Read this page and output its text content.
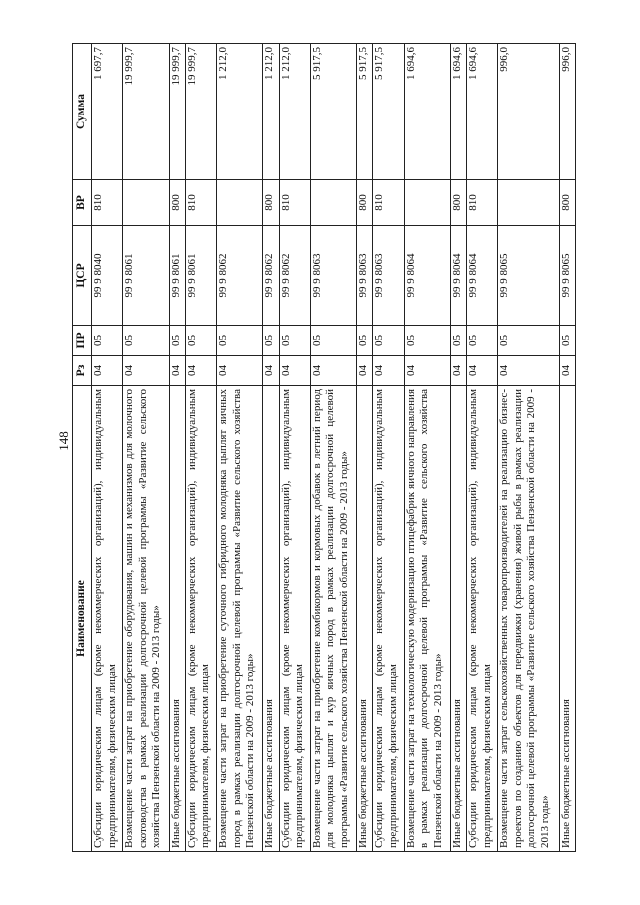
148
Наименование	Рз	ПР	ЦСР	ВР	Сумма
Субсидии юридическим лицам (кроме некоммерческих организаций), индивидуальным предпринимателям, физическим лицам	04	05	99 9 8040	810	1 697,7
Возмещение части затрат на приобретение оборудования, машин и механизмов для молочного скотоводства в рамках реализации долгосрочной целевой программы «Развитие сельского хозяйства Пензенской области на 2009 - 2013 годы»	04	05	99 9 8061		19 999,7
Иные бюджетные ассигнования	04	05	99 9 8061	800	19 999,7
Субсидии юридическим лицам (кроме некоммерческих организаций), индивидуальным предпринимателям, физическим лицам	04	05	99 9 8061	810	19 999,7
Возмещение части затрат на приобретение суточного гибридного молодняка цыплят яичных пород в рамках реализации долгосрочной целевой программы «Развитие сельского хозяйства Пензенской области на 2009 - 2013 годы»	04	05	99 9 8062		1 212,0
Иные бюджетные ассигнования	04	05	99 9 8062	800	1 212,0
Субсидии юридическим лицам (кроме некоммерческих организаций), индивидуальным предпринимателям, физическим лицам	04	05	99 9 8062	810	1 212,0
Возмещение части затрат на приобретение комбикормов и кормовых добавок в летний период для молодняка цыплят и кур яичных пород в рамках реализации долгосрочной целевой программы «Развитие сельского хозяйства Пензенской области на 2009 - 2013 годы»	04	05	99 9 8063		5 917,5
Иные бюджетные ассигнования	04	05	99 9 8063	800	5 917,5
Субсидии юридическим лицам (кроме некоммерческих организаций), индивидуальным предпринимателям, физическим лицам	04	05	99 9 8063	810	5 917,5
Возмещение части затрат на технологическую модернизацию птицефабрик яичного направления в рамках реализации долгосрочной целевой программы «Развитие сельского хозяйства Пензенской области на 2009 - 2013 годы»	04	05	99 9 8064		1 694,6
Иные бюджетные ассигнования	04	05	99 9 8064	800	1 694,6
Субсидии юридическим лицам (кроме некоммерческих организаций), индивидуальным предпринимателям, физическим лицам	04	05	99 9 8064	810	1 694,6
Возмещение части затрат сельскохозяйственных товаропроизводителей на реализацию бизнес-проектов по созданию объектов для передвижки (хранения) живой рыбы в рамках реализации долгосрочной целевой программы «Развитие сельского хозяйства Пензенской области на 2009 - 2013 годы»	04	05	99 9 8065		996,0
Иные бюджетные ассигнования	04	05	99 9 8065	800	996,0
